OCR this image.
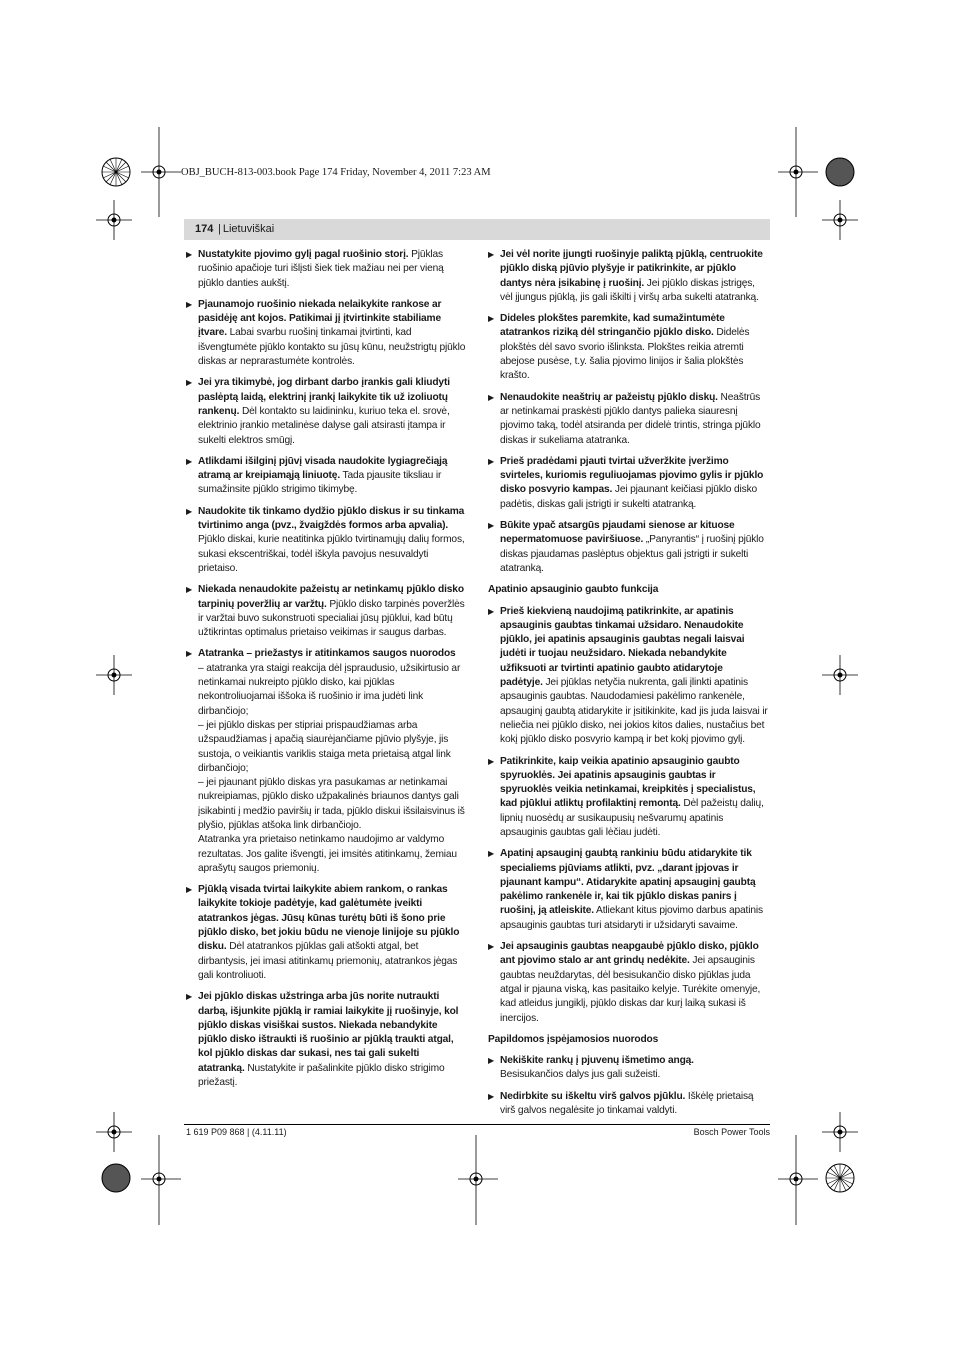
OBJ_BUCH-813-003.book Page 174 Friday, November 4, 2011 7:23 AM
174 | Lietuviškai
▶ Nustatykite pjovimo gylį pagal ruošinio storį. Pjūklas ruošinio apačioje turi išlįsti šiek tiek mažiau nei per vieną pjūklo danties aukštį.
▶ Pjaunamojo ruošinio niekada nelaikykite rankose ar pasidėję ant kojos. Patikimai jį įtvirtinkite stabiliame įtvare. Labai svarbu ruošinį tinkamai įtvirtinti, kad išvengtumėte pjūklo kontakto su jūsų kūnu, neužstrigtų pjūklo diskas ar neprarastumėte kontrolės.
▶ Jei yra tikimybė, jog dirbant darbo įrankis gali kliudyti paslėptą laidą, elektrinį įrankį laikykite tik už izoliuotų rankenų. Dėl kontakto su laidininku, kuriuo teka el. srovė, elektrinio įrankio metalinėse dalyse gali atsirasti įtampa ir sukelti elektros smūgį.
▶ Atlikdami išilginį pjūvį visada naudokite lygiagrečiąją atramą ar kreipiamąją liniuotę. Tada pjausite tiksliau ir sumažinsite pjūklo strigimo tikimybę.
▶ Naudokite tik tinkamo dydžio pjūklo diskus ir su tinkama tvirtinimo anga (pvz., žvaigždės formos arba apvalia). Pjūklo diskai, kurie neatitinka pjūklo tvirtinamųjų dalių formos, sukasi ekscentriškai, todėl iškyla pavojus nesuvaldyti prietaiso.
▶ Niekada nenaudokite pažeistų ar netinkamų pjūklo disko tarpinių poveržlių ar varžtų. Pjūklo disko tarpinės poveržlės ir varžtai buvo sukonstruoti specialiai jūsų pjūklui, kad būtų užtikrintas optimalus prietaiso veikimas ir saugus darbas.
▶ Atatranka – priežastys ir atitinkamos saugos nuorodos
– atatranka yra staigi reakcija dėl įspraudusio, užsikirtusio ar netinkamai nukreipto pjūklo disko, kai pjūklas nekontroliuojamai iššoka iš ruošinio ir ima judėti link dirbančiojo;
– jei pjūklo diskas per stipriai prispaudžiamas arba užspaudžiamas į apačią siaurėjančiame pjūvio plyšyje, jis sustoja, o veikiantis variklis staiga meta prietaisą atgal link dirbančiojo;
– jei pjaunant pjūklo diskas yra pasukamas ar netinkamai nukreipiamas, pjūklo disko užpakalinės briaunos dantys gali įsikabinti į medžio paviršių ir tada, pjūklo diskui išsilaisvinus iš plyšio, pjūklas atšoka link dirbančiojo.
Atatranka yra prietaiso netinkamo naudojimo ar valdymo rezultatas. Jos galite išvengti, jei imsitės atitinkamų, žemiau aprašytų saugos priemonių.
▶ Pjūklą visada tvirtai laikykite abiem rankom, o rankas laikykite tokioje padėtyje, kad galėtumėte įveikti atatrankos jėgas. Jūsų kūnas turėtų būti iš šono prie pjūklo disko, bet jokiu būdu ne vienoje linijoje su pjūklo disku. Dėl atatrankos pjūklas gali atšokti atgal, bet dirbantysis, jei imasi atitinkamų priemonių, atatrankos jėgas gali kontroliuoti.
▶ Jei pjūklo diskas užstringa arba jūs norite nutraukti darbą, išjunkite pjūklą ir ramiai laikykite jį ruošinyje, kol pjūklo diskas visiškai sustos. Niekada nebandykite pjūklo disko ištraukti iš ruošinio ar pjūklą traukti atgal, kol pjūklo diskas dar sukasi, nes tai gali sukelti atatranką. Nustatykite ir pašalinkite pjūklo disko strigimo priežastį.
▶ Jei vėl norite įjungti ruošinyje paliktą pjūklą, centruokite pjūklo diską pjūvio plyšyje ir patikrinkite, ar pjūklo dantys nėra įsikabinę į ruošinį. Jei pjūklo diskas įstrigęs, vėl įjungus pjūklą, jis gali iškilti į viršų arba sukelti atatranką.
▶ Dideles plokštes paremkite, kad sumažintumėte atatrankos riziką dėl stringančio pjūklo disko. Didelės plokštės dėl savo svorio išlinksta. Plokštes reikia atremti abejose pusėse, t.y. šalia pjovimo linijos ir šalia plokštės krašto.
▶ Nenaudokite neaštrių ar pažeistų pjūklo diskų. Neaštrūs ar netinkamai praskėsti pjūklo dantys palieka siauresnį pjovimo taką, todėl atsiranda per didelė trintis, stringa pjūklo diskas ir sukeliama atatranka.
▶ Prieš pradėdami pjauti tvirtai užveržkite įveržimo svirteles, kuriomis reguliuojamas pjovimo gylis ir pjūklo disko posvyrio kampas. Jei pjaunant keičiasi pjūklo disko padėtis, diskas gali įstrigti ir sukelti atatranką.
▶ Būkite ypač atsargūs pjaudami sienose ar kituose nepermatomuose paviršiuose. „Panyrantis“ į ruošinį pjūklo diskas pjaudamas paslėptus objektus gali įstrigti ir sukelti atatranką.
Apatinio apsauginio gaubto funkcija
▶ Prieš kiekvieną naudojimą patikrinkite, ar apatinis apsauginis gaubtas tinkamai užsidaro. Nenaudokite pjūklo, jei apatinis apsauginis gaubtas negali laisvai judėti ir tuojau neužsidaro. Niekada nebandykite užfiksuoti ar tvirtinti apatinio gaubto atidarytoje padėtyje. Jei pjūklas netyčia nukrenta, gali įlinkti apatinis apsauginis gaubtas. Naudodamiesi pakėlimo rankenėle, apsauginį gaubtą atidarykite ir įsitikinkite, kad jis juda laisvai ir neliečia nei pjūklo disko, nei jokios kitos dalies, nustačius bet kokį pjūklo disko posvyrio kampą ir bet kokį pjovimo gylį.
▶ Patikrinkite, kaip veikia apatinio apsauginio gaubto spyruoklės. Jei apatinis apsauginis gaubtas ir spyruoklės veikia netinkamai, kreipkitės į specialistus, kad pjūklui atliktų profilaktinį remontą. Dėl pažeistų dalių, lipnių nuosėdų ar susikaupusių nešvarumų apatinis apsauginis gaubtas gali lėčiau judėti.
▶ Apatinį apsauginį gaubtą rankiniu būdu atidarykite tik specialiems pjūviams atlikti, pvz. „darant įpjovas ir pjaunant kampu“. Atidarykite apatinį apsauginį gaubtą pakėlimo rankenėle ir, kai tik pjūklo diskas panirs į ruošinį, ją atleiskite. Atliekant kitus pjovimo darbus apatinis apsauginis gaubtas turi atsidaryti ir užsidaryti savaime.
▶ Jei apsauginis gaubtas neapgaubė pjūklo disko, pjūklo ant pjovimo stalo ar ant grindų nedėkite. Jei apsauginis gaubtas neuždarytas, dėl besisukančio disko pjūklas juda atgal ir pjauna viską, kas pasitaiko kelyje. Turėkite omenyje, kad atleidus jungiklį, pjūklo diskas dar kurį laiką sukasi iš inercijos.
Papildomos įspėjamosios nuorodos
▶ Nekiškite rankų į pjuvenų išmetimo angą.
Besisukančios dalys jus gali sužeisti.
▶ Nedirbkite su iškeltu virš galvos pjūklu. Iškėlę prietaisą virš galvos negalėsite jo tinkamai valdyti.
1 619 P09 868 | (4.11.11)	Bosch Power Tools
